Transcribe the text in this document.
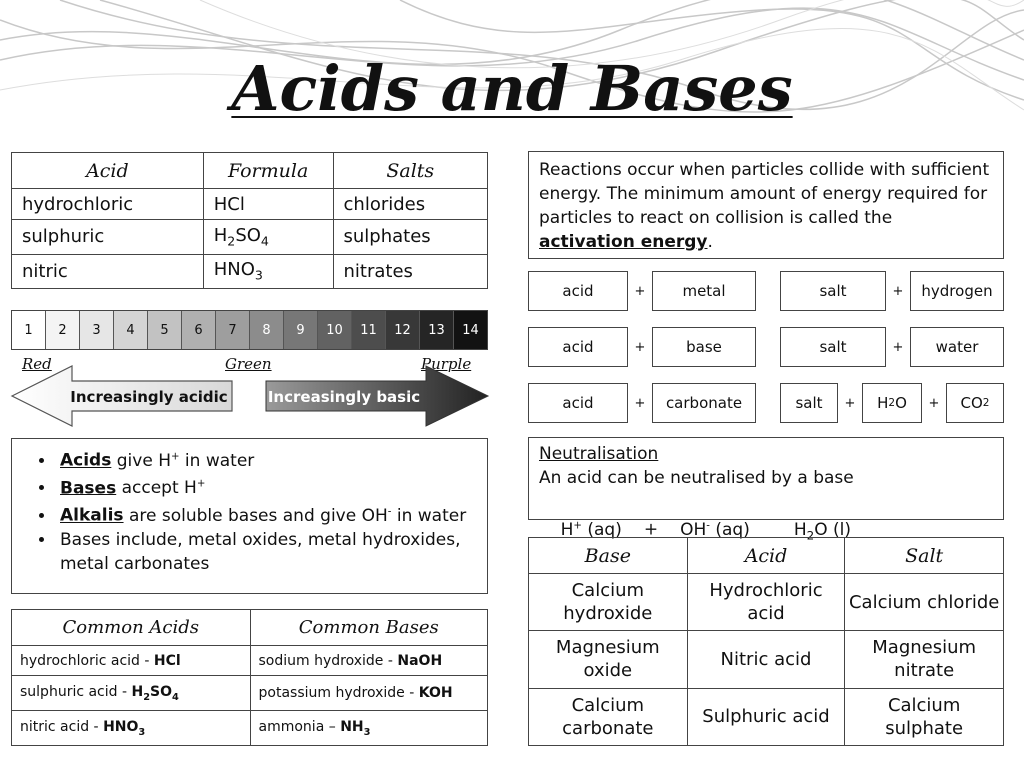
Acids and Bases
Acid	Formula	Salts
hydrochloric	HCl	chlorides
sulphuric	$H_2SO_4$	sulphates
nitric	$HNO_3$	nitrates
1	2	3	4	5	6	7	8	9	10	11	12	13	14
Red	Green	Purple
Increasingly acidic	Increasingly basic
Reactions occur when particles collide with sufficient energy. The minimum amount of energy required for particles to react on collision is called the activation energy.
acid	+	metal	salt	+	hydrogen
acid	+	base	salt	+	water
acid	+	carbonate	salt	+	H 2 O	+	CO 2
• Acids give H+ in water
• Bases accept H+
• Alkalis are soluble bases and give OH- in water
• Bases include, metal oxides, metal hydroxides, metal carbonates
Neutralisation
An acid can be neutralised by a base

H+ (aq) + OH- (aq)	$H_2O$ (l)

Common Acids	Common Bases
hydrochloric acid - HCl	sodium hydroxide - NaOH
sulphuric acid - $H_2SO_4$	potassium hydroxide - KOH
nitric acid - $HNO_3$	ammonia – $NH_3$
Base	Acid	Salt
Calcium hydroxide	Hydrochloric acid	Calcium chloride
Magnesium oxide	Nitric acid	Magnesium nitrate
Calcium carbonate	Sulphuric acid	Calcium sulphate
